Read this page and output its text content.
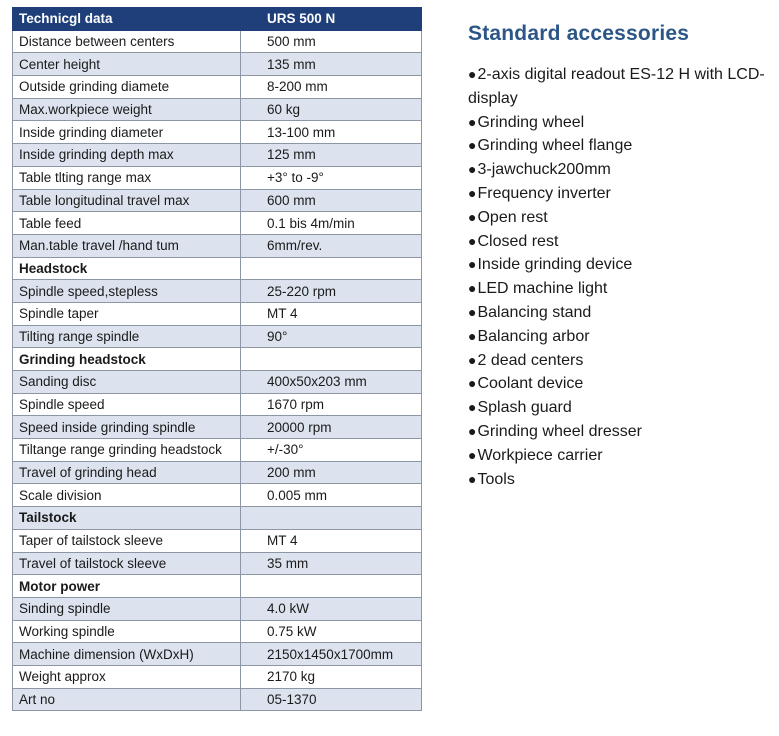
Technicgl data	URS 500 N
Distance between centers	500 mm
Center height	135 mm
Outside grinding diamete	8-200 mm
Max.workpiece weight	60 kg
Inside grinding diameter	13-100 mm
Inside grinding depth max	125 mm
Table tlting range max	+3° to -9°
Table longitudinal travel max	600 mm
Table feed	0.1 bis 4m/min
Man.table travel /hand tum	6mm/rev.
Headstock	
Spindle speed,stepless	25-220 rpm
Spindle taper	MT 4
Tilting range spindle	90°
Grinding headstock	
Sanding disc	400x50x203 mm
Spindle speed	1670 rpm
Speed inside grinding spindle	20000 rpm
Tiltange range grinding headstock	+/-30°
Travel of grinding head	200 mm
Scale division	0.005 mm
Tailstock	
Taper of tailstock sleeve	MT 4
Travel of tailstock sleeve	35 mm
Motor power	
Sinding spindle	4.0 kW
Working spindle	0.75 kW
Machine dimension (WxDxH)	2150x1450x1700mm
Weight approx	2170 kg
Art no	05-1370
Standard accessories
●2-axis digital readout ES-12 H with LCD-display
●Grinding wheel
●Grinding wheel flange
●3-jawchuck200mm
●Frequency inverter
●Open rest
●Closed rest
●Inside grinding device
●LED machine light
●Balancing stand
●Balancing arbor
●2 dead centers
●Coolant device
●Splash guard
●Grinding wheel dresser
●Workpiece carrier
●Tools
